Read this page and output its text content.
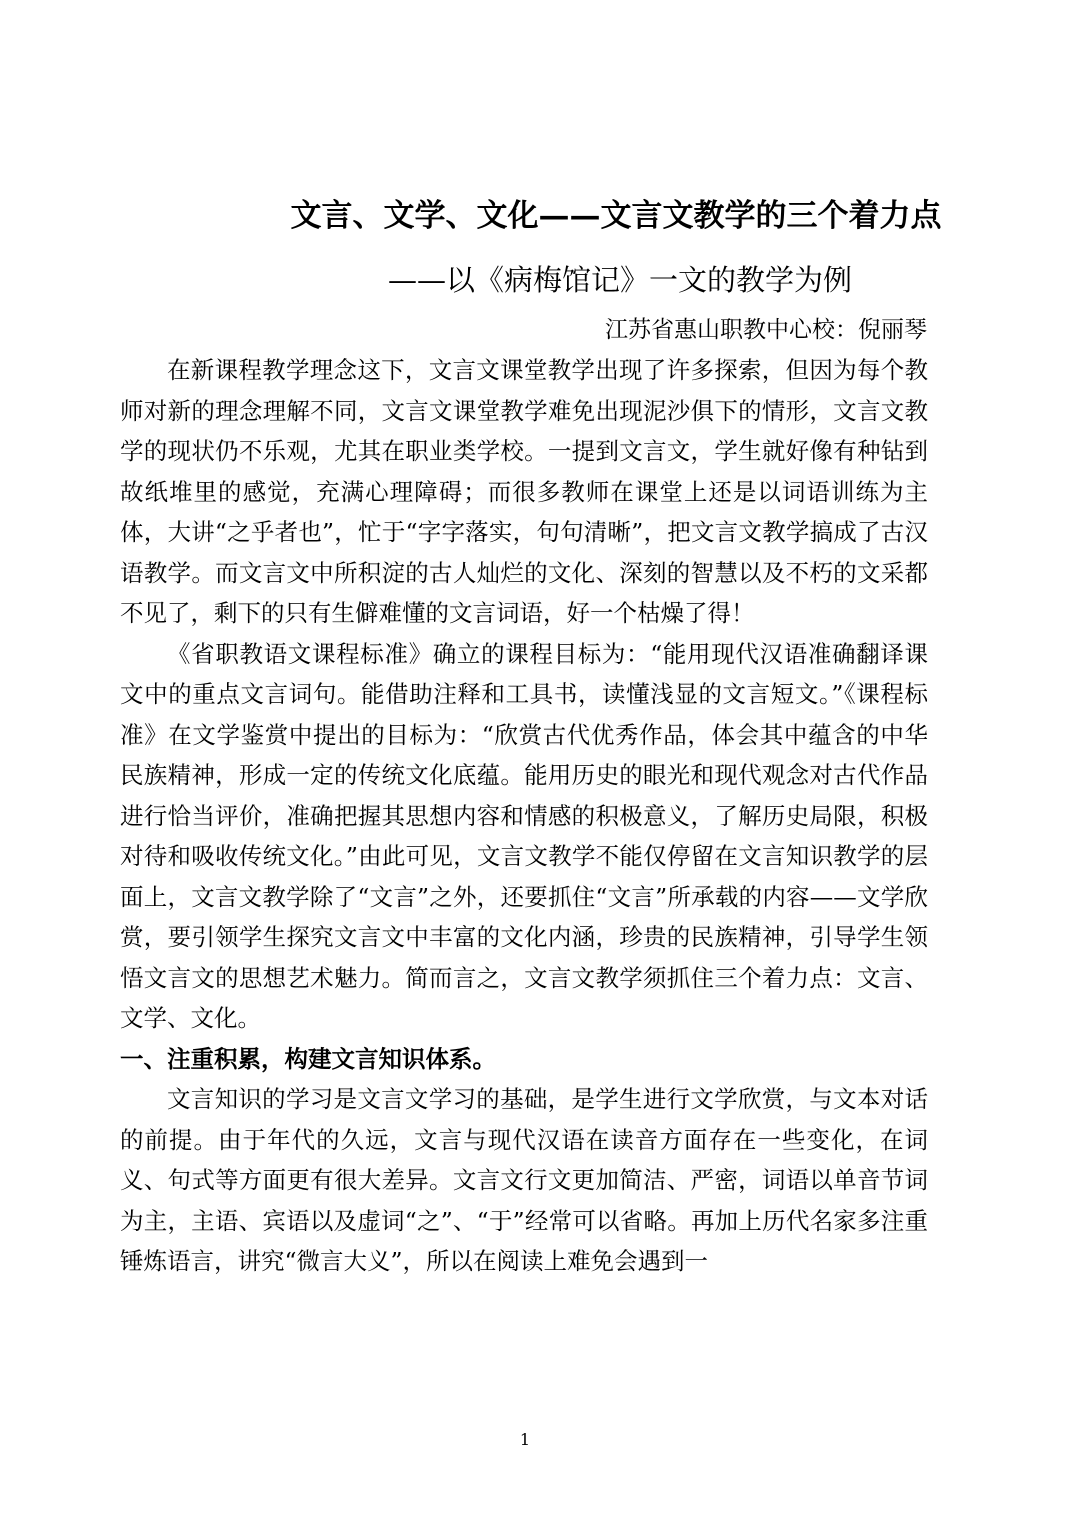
文言、文学、文化——文言文教学的三个着力点
——以《病梅馆记》一文的教学为例
江苏省惠山职教中心校：倪丽琴

在新课程教学理念这下，文言文课堂教学出现了许多探索，但因为每个教师对新的理念理解不同，文言文课堂教学难免出现泥沙俱下的情形，文言文教学的现状仍不乐观，尤其在职业类学校。一提到文言文，学生就好像有种钻到故纸堆里的感觉，充满心理障碍；而很多教师在课堂上还是以词语训练为主体，大讲“之乎者也”，忙于“字字落实，句句清晰”，把文言文教学搞成了古汉语教学。而文言文中所积淀的古人灿烂的文化、深刻的智慧以及不朽的文采都不见了，剩下的只有生僻难懂的文言词语，好一个枯燥了得！

《省职教语文课程标准》确立的课程目标为：“能用现代汉语准确翻译课文中的重点文言词句。能借助注释和工具书，读懂浅显的文言短文。”《课程标准》在文学鉴赏中提出的目标为：“欣赏古代优秀作品，体会其中蕴含的中华民族精神，形成一定的传统文化底蕴。能用历史的眼光和现代观念对古代作品进行恰当评价，准确把握其思想内容和情感的积极意义，了解历史局限，积极对待和吸收传统文化。”由此可见，文言文教学不能仅停留在文言知识教学的层面上，文言文教学除了“文言”之外，还要抓住“文言”所承载的内容——文学欣赏，要引领学生探究文言文中丰富的文化内涵，珍贵的民族精神，引导学生领悟文言文的思想艺术魅力。简而言之，文言文教学须抓住三个着力点：文言、文学、文化。

一、注重积累，构建文言知识体系。

文言知识的学习是文言文学习的基础，是学生进行文学欣赏，与文本对话的前提。由于年代的久远，文言与现代汉语在读音方面存在一些变化，在词义、句式等方面更有很大差异。文言文行文更加简洁、严密，词语以单音节词为主，主语、宾语以及虚词“之”、“于”经常可以省略。再加上历代名家多注重锤炼语言，讲究“微言大义”，所以在阅读上难免会遇到一

1
